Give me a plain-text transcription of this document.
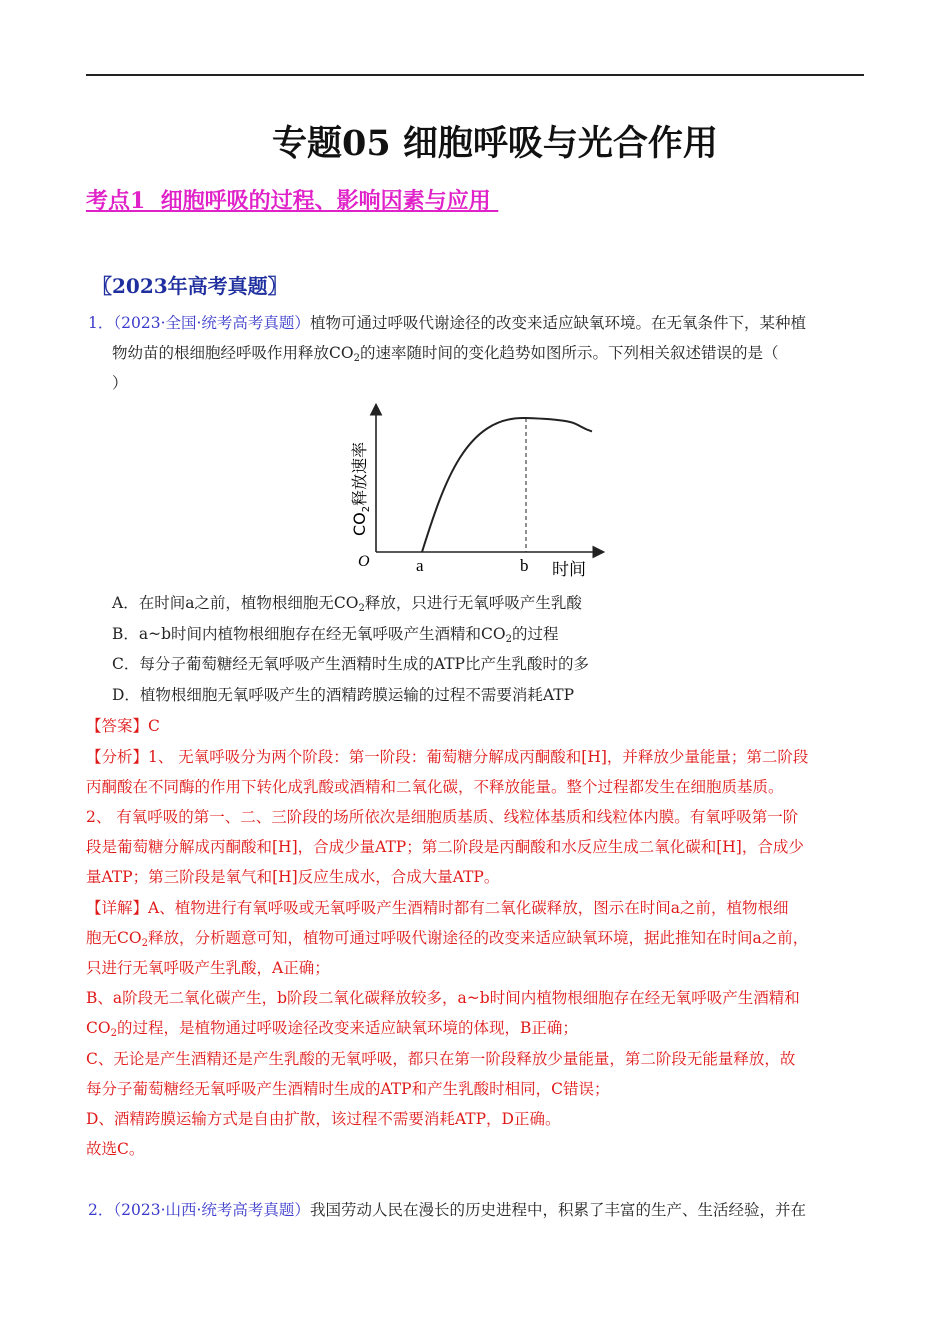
专题05 细胞呼吸与光合作用
考点1  细胞呼吸的过程、影响因素与应用
〖2023年高考真题〗
1．（2023·全国·统考高考真题）植物可通过呼吸代谢途径的改变来适应缺氧环境。在无氧条件下，某种植
物幼苗的根细胞经呼吸作用释放$CO_2$的速率随时间的变化趋势如图所示。下列相关叙述错误的是（
）
O	a	b 时间
$CO_2$释放速率
A．在时间a之前，植物根细胞无$CO_2$释放，只进行无氧呼吸产生乳酸
B．a~b时间内植物根细胞存在经无氧呼吸产生酒精和$CO_2$的过程
C．每分子葡萄糖经无氧呼吸产生酒精时生成的ATP比产生乳酸时的多
D．植物根细胞无氧呼吸产生的酒精跨膜运输的过程不需要消耗ATP
【答案】C
【分析】1、 无氧呼吸分为两个阶段：第一阶段：葡萄糖分解成丙酮酸和[H]，并释放少量能量；第二阶段
丙酮酸在不同酶的作用下转化成乳酸或酒精和二氧化碳，不释放能量。整个过程都发生在细胞质基质。
2、 有氧呼吸的第一、二、三阶段的场所依次是细胞质基质、线粒体基质和线粒体内膜。有氧呼吸第一阶
段是葡萄糖分解成丙酮酸和[H]，合成少量ATP；第二阶段是丙酮酸和水反应生成二氧化碳和[H]，合成少
量ATP；第三阶段是氧气和[H]反应生成水，合成大量ATP。
【详解】A、植物进行有氧呼吸或无氧呼吸产生酒精时都有二氧化碳释放，图示在时间a之前，植物根细
胞无$CO_2$释放，分析题意可知，植物可通过呼吸代谢途径的改变来适应缺氧环境，据此推知在时间a之前，
只进行无氧呼吸产生乳酸，A正确；
B、a阶段无二氧化碳产生，b阶段二氧化碳释放较多，a~b时间内植物根细胞存在经无氧呼吸产生酒精和
$CO_2$的过程，是植物通过呼吸途径改变来适应缺氧环境的体现，B正确；
C、无论是产生酒精还是产生乳酸的无氧呼吸，都只在第一阶段释放少量能量，第二阶段无能量释放，故
每分子葡萄糖经无氧呼吸产生酒精时生成的ATP和产生乳酸时相同，C错误；
D、酒精跨膜运输方式是自由扩散，该过程不需要消耗ATP，D正确。
故选C。
2．（2023·山西·统考高考真题）我国劳动人民在漫长的历史进程中，积累了丰富的生产、生活经验，并在
